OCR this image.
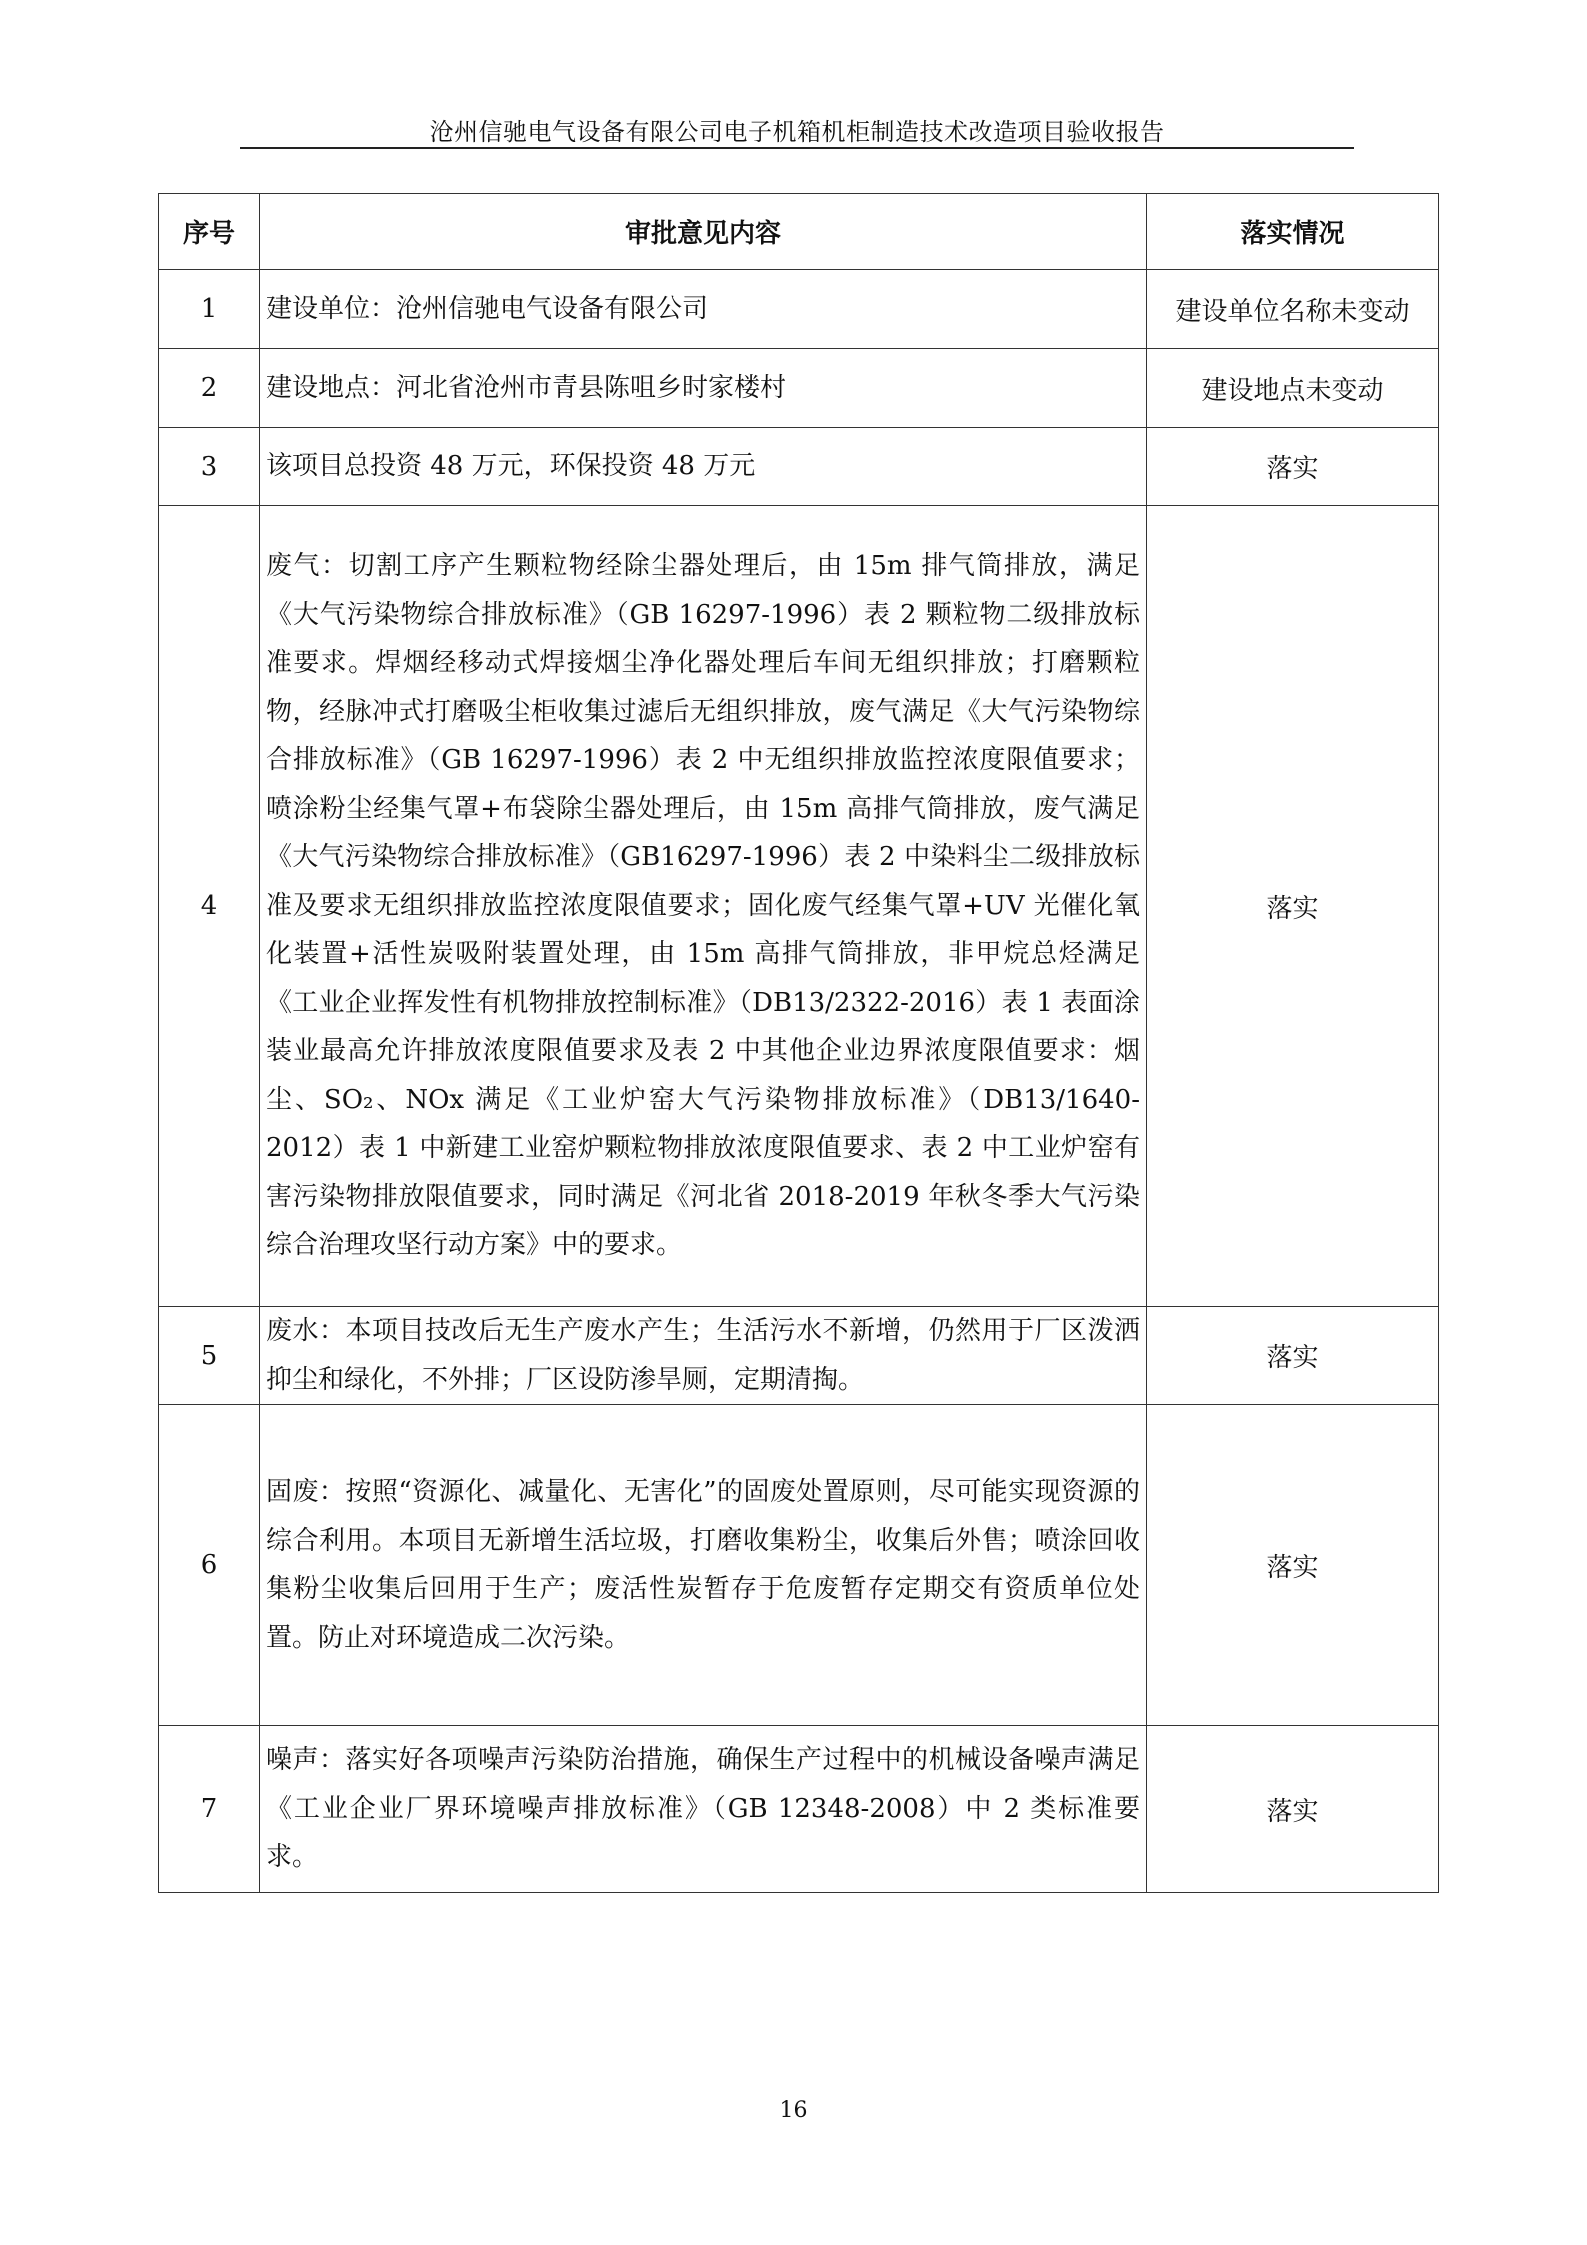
沧州信驰电气设备有限公司电子机箱机柜制造技术改造项目验收报告
序号	审批意见内容	落实情况
1	建设单位：沧州信驰电气设备有限公司	建设单位名称未变动
2	建设地点：河北省沧州市青县陈咀乡时家楼村	建设地点未变动
3	该项目总投资 48 万元，环保投资 48 万元	落实
4	废气：切割工序产生颗粒物经除尘器处理后，由 15m 排气筒排放，满足《大气污染物综合排放标准》（GB 16297-1996）表 2 颗粒物二级排放标准要求。焊烟经移动式焊接烟尘净化器处理后车间无组织排放；打磨颗粒物，经脉冲式打磨吸尘柜收集过滤后无组织排放，废气满足《大气污染物综合排放标准》（GB 16297-1996）表 2 中无组织排放监控浓度限值要求；喷涂粉尘经集气罩+布袋除尘器处理后，由 15m 高排气筒排放，废气满足《大气污染物综合排放标准》（GB16297-1996）表 2 中染料尘二级排放标准及要求无组织排放监控浓度限值要求；固化废气经集气罩+UV 光催化氧化装置+活性炭吸附装置处理，由 15m 高排气筒排放，非甲烷总烃满足《工业企业挥发性有机物排放控制标准》（DB13/2322-2016）表 1 表面涂装业最高允许排放浓度限值要求及表 2 中其他企业边界浓度限值要求：烟尘、SO₂、NOx 满足《工业炉窑大气污染物排放标准》（DB13/1640-2012）表 1 中新建工业窑炉颗粒物排放浓度限值要求、表 2 中工业炉窑有害污染物排放限值要求，同时满足《河北省 2018-2019 年秋冬季大气污染综合治理攻坚行动方案》中的要求。	落实
5	废水：本项目技改后无生产废水产生；生活污水不新增，仍然用于厂区泼洒抑尘和绿化，不外排；厂区设防渗旱厕，定期清掏。	落实
6	固废：按照“资源化、减量化、无害化”的固废处置原则，尽可能实现资源的综合利用。本项目无新增生活垃圾，打磨收集粉尘，收集后外售；喷涂回收集粉尘收集后回用于生产；废活性炭暂存于危废暂存定期交有资质单位处置。防止对环境造成二次污染。	落实
7	噪声：落实好各项噪声污染防治措施，确保生产过程中的机械设备噪声满足《工业企业厂界环境噪声排放标准》（GB 12348-2008）中 2 类标准要求。	落实
16
